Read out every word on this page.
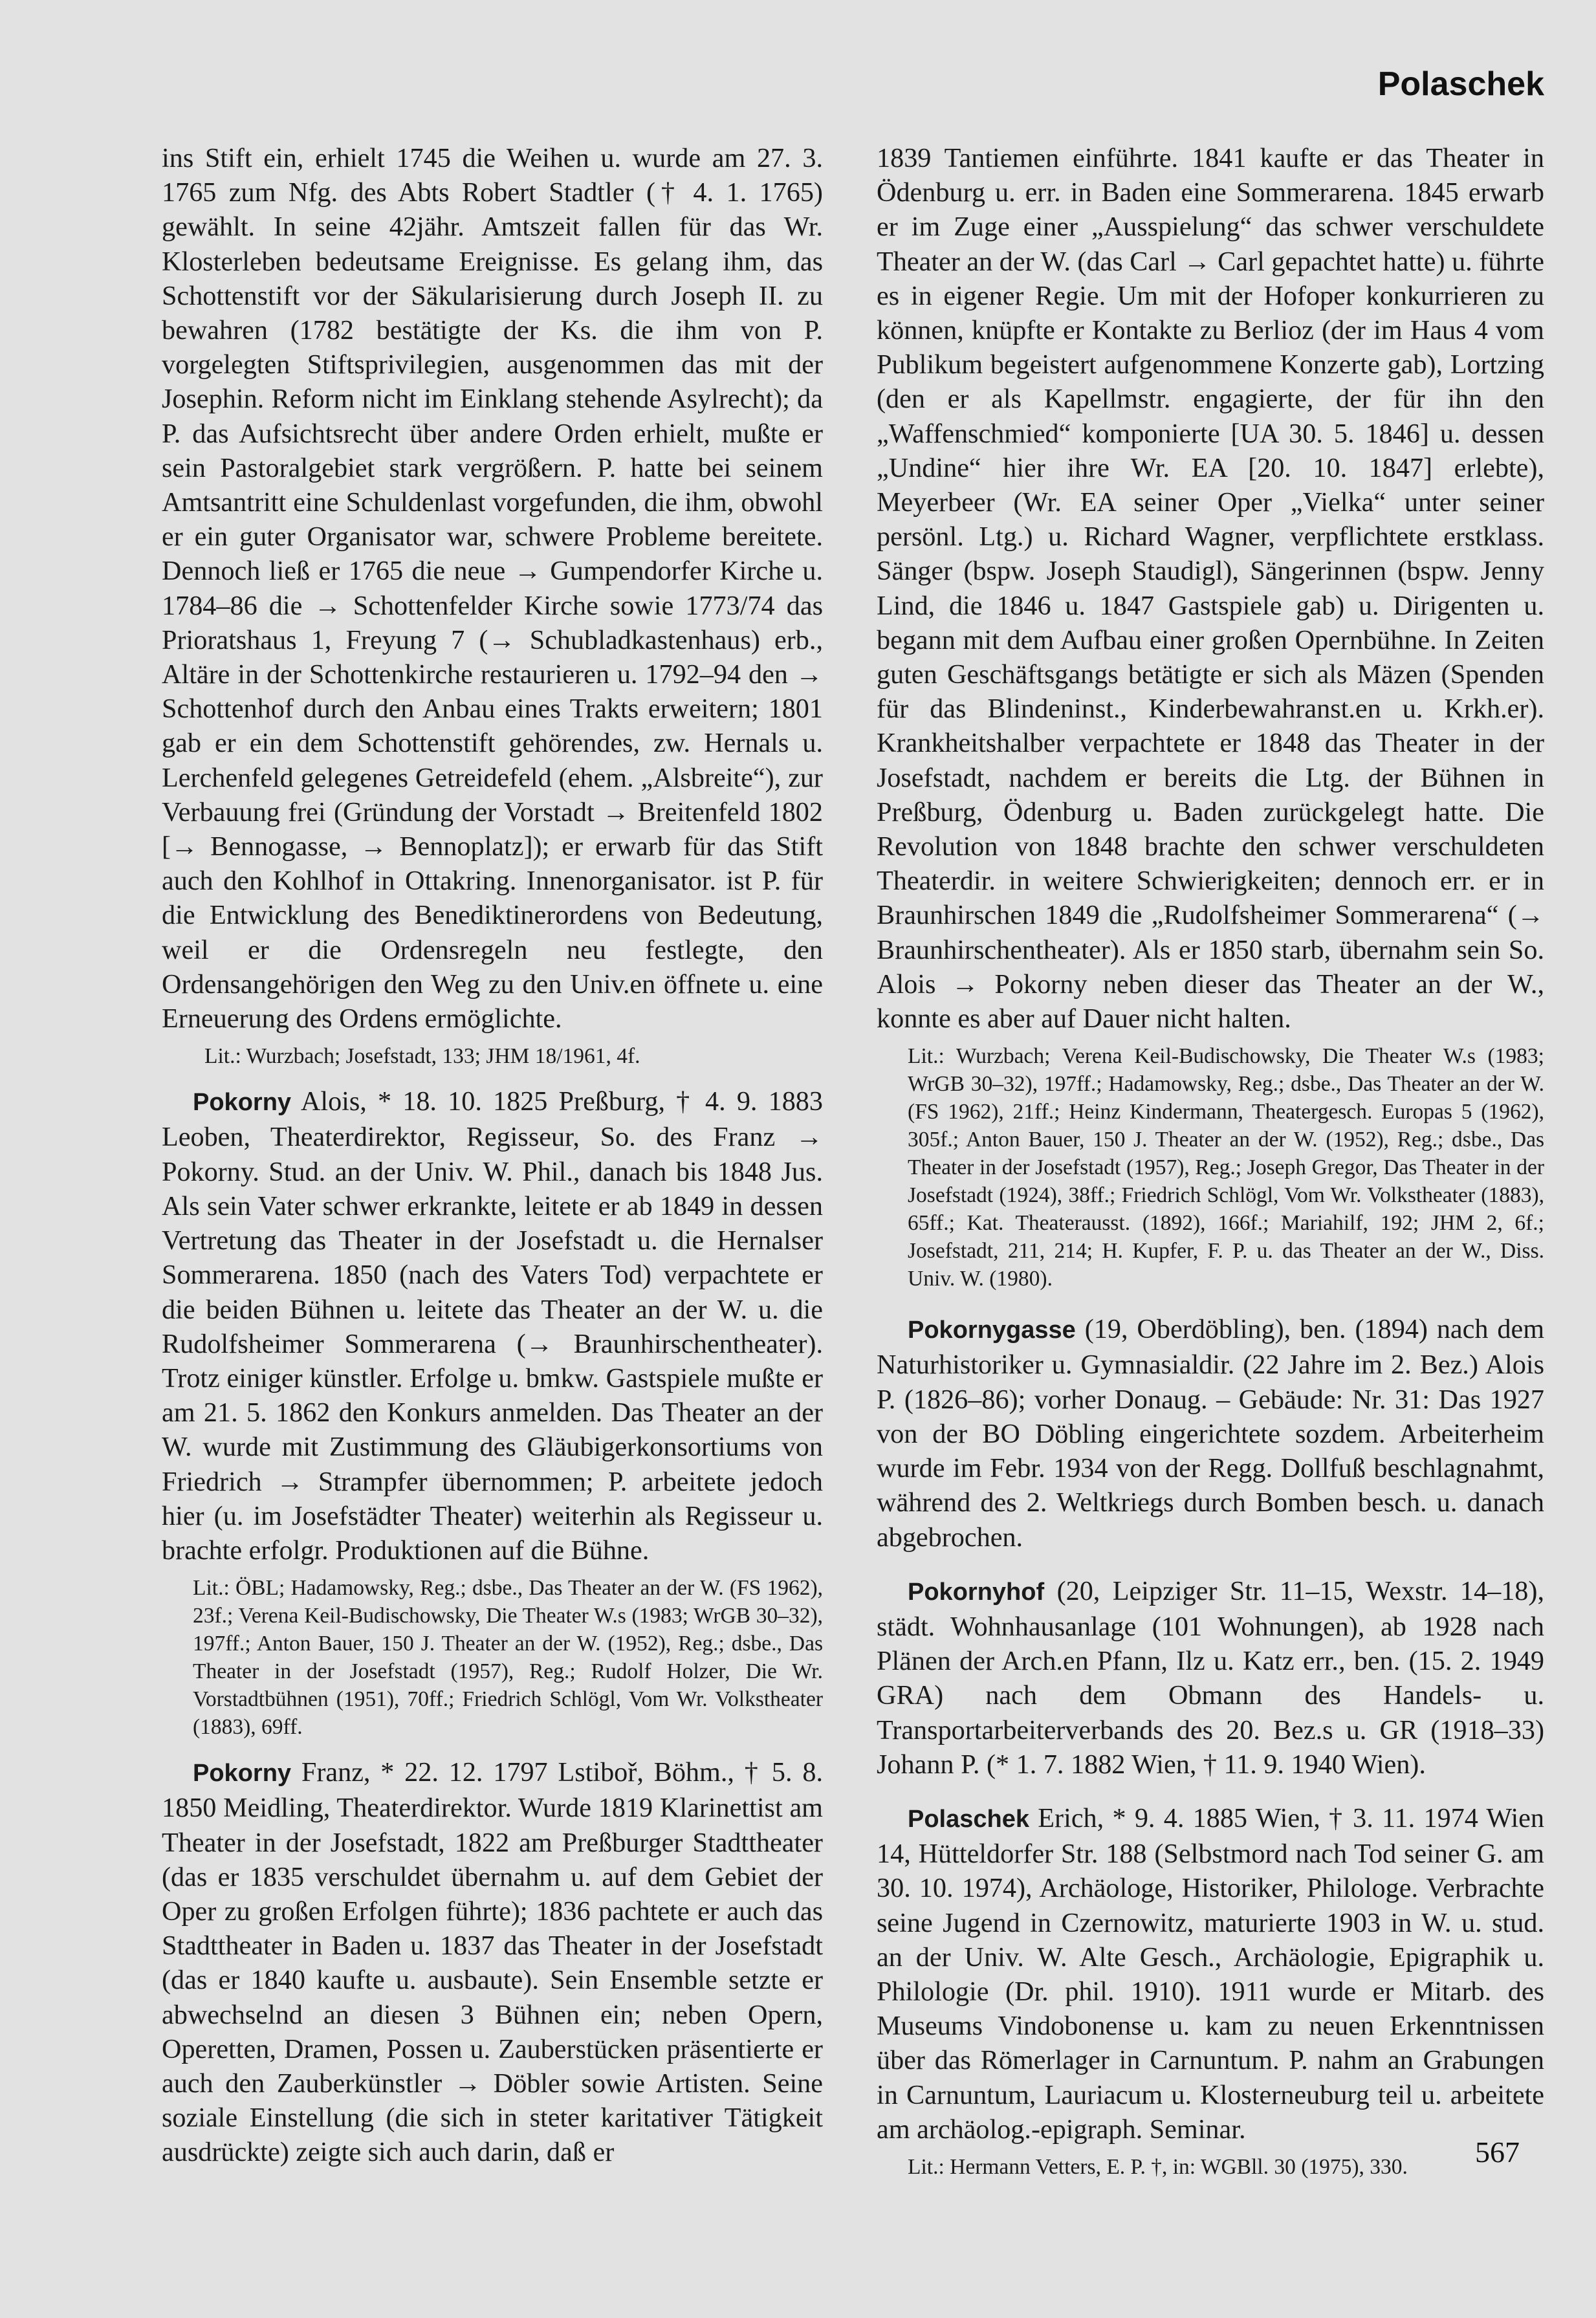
Polaschek

ins Stift ein, erhielt 1745 die Weihen u. wurde am 27. 3. 1765 zum Nfg. des Abts Robert Stadtler († 4. 1. 1765) gewählt. In seine 42jähr. Amtszeit fallen für das Wr. Klosterleben bedeutsame Ereignisse. Es gelang ihm, das Schottenstift vor der Säkularisierung durch Joseph II. zu bewahren (1782 bestätigte der Ks. die ihm von P. vorgelegten Stiftsprivilegien, ausgenommen das mit der Josephin. Reform nicht im Einklang stehende Asylrecht); da P. das Aufsichtsrecht über andere Orden erhielt, mußte er sein Pastoralgebiet stark vergrößern. P. hatte bei seinem Amtsantritt eine Schuldenlast vorgefunden, die ihm, obwohl er ein guter Organisator war, schwere Probleme bereitete. Dennoch ließ er 1765 die neue → Gumpendorfer Kirche u. 1784–86 die → Schottenfelder Kirche sowie 1773/74 das Prioratshaus 1, Freyung 7 (→ Schubladkastenhaus) erb., Altäre in der Schottenkirche restaurieren u. 1792–94 den → Schottenhof durch den Anbau eines Trakts erweitern; 1801 gab er ein dem Schottenstift gehörendes, zw. Hernals u. Lerchenfeld gelegenes Getreidefeld (ehem. „Alsbreite“), zur Verbauung frei (Gründung der Vorstadt → Breitenfeld 1802 [→ Bennogasse, → Bennoplatz]); er erwarb für das Stift auch den Kohlhof in Ottakring. Innenorganisator. ist P. für die Entwicklung des Benediktinerordens von Bedeutung, weil er die Ordensregeln neu festlegte, den Ordensangehörigen den Weg zu den Univ.en öffnete u. eine Erneuerung des Ordens ermöglichte.

Lit.: Wurzbach; Josefstadt, 133; JHM 18/1961, 4f.

Pokorny Alois, * 18. 10. 1825 Preßburg, † 4. 9. 1883 Leoben, Theaterdirektor, Regisseur, So. des Franz → Pokorny. Stud. an der Univ. W. Phil., danach bis 1848 Jus. Als sein Vater schwer erkrankte, leitete er ab 1849 in dessen Vertretung das Theater in der Josefstadt u. die Hernalser Sommerarena. 1850 (nach des Vaters Tod) verpachtete er die beiden Bühnen u. leitete das Theater an der W. u. die Rudolfsheimer Sommerarena (→ Braunhirschentheater). Trotz einiger künstler. Erfolge u. bmkw. Gastspiele mußte er am 21. 5. 1862 den Konkurs anmelden. Das Theater an der W. wurde mit Zustimmung des Gläubigerkonsortiums von Friedrich → Strampfer übernommen; P. arbeitete jedoch hier (u. im Josefstädter Theater) weiterhin als Regisseur u. brachte erfolgr. Produktionen auf die Bühne.

Lit.: ÖBL; Hadamowsky, Reg.; dsbe., Das Theater an der W. (FS 1962), 23f.; Verena Keil-Budischowsky, Die Theater W.s (1983; WrGB 30–32), 197ff.; Anton Bauer, 150 J. Theater an der W. (1952), Reg.; dsbe., Das Theater in der Josefstadt (1957), Reg.; Rudolf Holzer, Die Wr. Vorstadtbühnen (1951), 70ff.; Friedrich Schlögl, Vom Wr. Volkstheater (1883), 69ff.

Pokorny Franz, * 22. 12. 1797 Lstiboř, Böhm., † 5. 8. 1850 Meidling, Theaterdirektor. Wurde 1819 Klarinettist am Theater in der Josefstadt, 1822 am Preßburger Stadttheater (das er 1835 verschuldet übernahm u. auf dem Gebiet der Oper zu großen Erfolgen führte); 1836 pachtete er auch das Stadttheater in Baden u. 1837 das Theater in der Josefstadt (das er 1840 kaufte u. ausbaute). Sein Ensemble setzte er abwechselnd an diesen 3 Bühnen ein; neben Opern, Operetten, Dramen, Possen u. Zauberstücken präsentierte er auch den Zauberkünstler → Döbler sowie Artisten. Seine soziale Einstellung (die sich in steter karitativer Tätigkeit ausdrückte) zeigte sich auch darin, daß er

1839 Tantiemen einführte. 1841 kaufte er das Theater in Ödenburg u. err. in Baden eine Sommerarena. 1845 erwarb er im Zuge einer „Ausspielung“ das schwer verschuldete Theater an der W. (das Carl → Carl gepachtet hatte) u. führte es in eigener Regie. Um mit der Hofoper konkurrieren zu können, knüpfte er Kontakte zu Berlioz (der im Haus 4 vom Publikum begeistert aufgenommene Konzerte gab), Lortzing (den er als Kapellmstr. engagierte, der für ihn den „Waffenschmied“ komponierte [UA 30. 5. 1846] u. dessen „Undine“ hier ihre Wr. EA [20. 10. 1847] erlebte), Meyerbeer (Wr. EA seiner Oper „Vielka“ unter seiner persönl. Ltg.) u. Richard Wagner, verpflichtete erstklass. Sänger (bspw. Joseph Staudigl), Sängerinnen (bspw. Jenny Lind, die 1846 u. 1847 Gastspiele gab) u. Dirigenten u. begann mit dem Aufbau einer großen Opernbühne. In Zeiten guten Geschäftsgangs betätigte er sich als Mäzen (Spenden für das Blindeninst., Kinderbewahranst.en u. Krkh.er). Krankheitshalber verpachtete er 1848 das Theater in der Josefstadt, nachdem er bereits die Ltg. der Bühnen in Preßburg, Ödenburg u. Baden zurückgelegt hatte. Die Revolution von 1848 brachte den schwer verschuldeten Theaterdir. in weitere Schwierigkeiten; dennoch err. er in Braunhirschen 1849 die „Rudolfsheimer Sommerarena“ (→ Braunhirschentheater). Als er 1850 starb, übernahm sein So. Alois → Pokorny neben dieser das Theater an der W., konnte es aber auf Dauer nicht halten.

Lit.: Wurzbach; Verena Keil-Budischowsky, Die Theater W.s (1983; WrGB 30–32), 197ff.; Hadamowsky, Reg.; dsbe., Das Theater an der W. (FS 1962), 21ff.; Heinz Kindermann, Theatergesch. Europas 5 (1962), 305f.; Anton Bauer, 150 J. Theater an der W. (1952), Reg.; dsbe., Das Theater in der Josefstadt (1957), Reg.; Joseph Gregor, Das Theater in der Josefstadt (1924), 38ff.; Friedrich Schlögl, Vom Wr. Volkstheater (1883), 65ff.; Kat. Theaterausst. (1892), 166f.; Mariahilf, 192; JHM 2, 6f.; Josefstadt, 211, 214; H. Kupfer, F. P. u. das Theater an der W., Diss. Univ. W. (1980).

Pokornygasse (19, Oberdöbling), ben. (1894) nach dem Naturhistoriker u. Gymnasialdir. (22 Jahre im 2. Bez.) Alois P. (1826–86); vorher Donaug. – Gebäude: Nr. 31: Das 1927 von der BO Döbling eingerichtete sozdem. Arbeiterheim wurde im Febr. 1934 von der Regg. Dollfuß beschlagnahmt, während des 2. Weltkriegs durch Bomben besch. u. danach abgebrochen.

Pokornyhof (20, Leipziger Str. 11–15, Wexstr. 14–18), städt. Wohnhausanlage (101 Wohnungen), ab 1928 nach Plänen der Arch.en Pfann, Ilz u. Katz err., ben. (15. 2. 1949 GRA) nach dem Obmann des Handels- u. Transportarbeiterverbands des 20. Bez.s u. GR (1918–33) Johann P. (* 1. 7. 1882 Wien, † 11. 9. 1940 Wien).

Polaschek Erich, * 9. 4. 1885 Wien, † 3. 11. 1974 Wien 14, Hütteldorfer Str. 188 (Selbstmord nach Tod seiner G. am 30. 10. 1974), Archäologe, Historiker, Philologe. Verbrachte seine Jugend in Czernowitz, maturierte 1903 in W. u. stud. an der Univ. W. Alte Gesch., Archäologie, Epigraphik u. Philologie (Dr. phil. 1910). 1911 wurde er Mitarb. des Museums Vindobonense u. kam zu neuen Erkenntnissen über das Römerlager in Carnuntum. P. nahm an Grabungen in Carnuntum, Lauriacum u. Klosterneuburg teil u. arbeitete am archäolog.-epigraph. Seminar.

Lit.: Hermann Vetters, E. P. †, in: WGBll. 30 (1975), 330.	567
